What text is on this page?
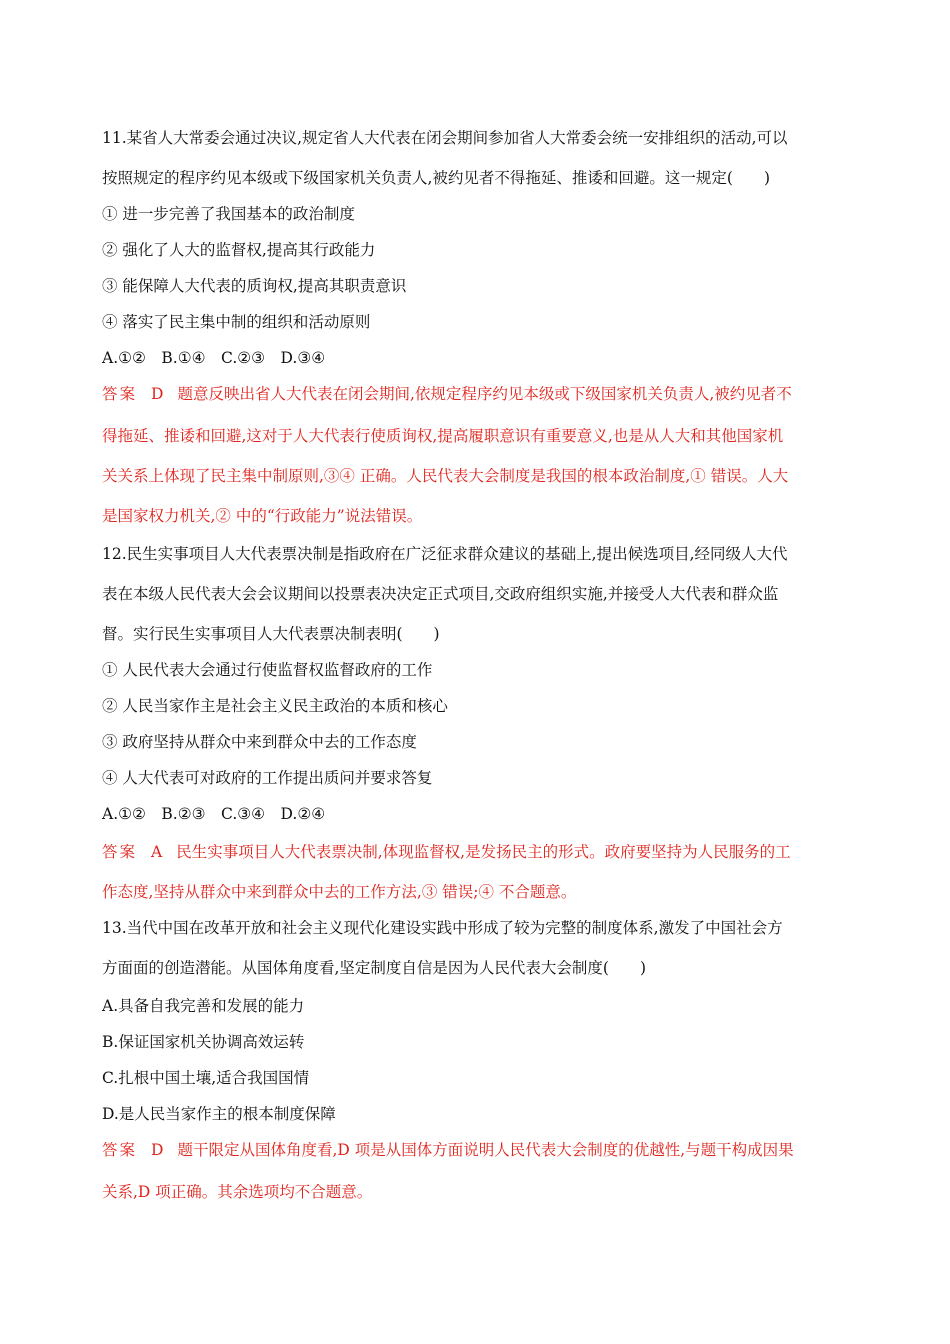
11.某省人大常委会通过决议,规定省人大代表在闭会期间参加省人大常委会统一安排组织的活动,可以
按照规定的程序约见本级或下级国家机关负责人,被约见者不得拖延、推诿和回避。这一规定(　　)
① 进一步完善了我国基本的政治制度
② 强化了人大的监督权,提高其行政能力
③ 能保障人大代表的质询权,提高其职责意识
④ 落实了民主集中制的组织和活动原则
A.①②　B.①④　C.②③　D.③④
答案 D 题意反映出省人大代表在闭会期间,依规定程序约见本级或下级国家机关负责人,被约见者不
得拖延、推诿和回避,这对于人大代表行使质询权,提高履职意识有重要意义,也是从人大和其他国家机
关关系上体现了民主集中制原则,③④ 正确。人民代表大会制度是我国的根本政治制度,① 错误。人大
是国家权力机关,② 中的“行政能力”说法错误。
12.民生实事项目人大代表票决制是指政府在广泛征求群众建议的基础上,提出候选项目,经同级人大代
表在本级人民代表大会会议期间以投票表决决定正式项目,交政府组织实施,并接受人大代表和群众监
督。实行民生实事项目人大代表票决制表明(　　)
① 人民代表大会通过行使监督权监督政府的工作
② 人民当家作主是社会主义民主政治的本质和核心
③ 政府坚持从群众中来到群众中去的工作态度
④ 人大代表可对政府的工作提出质问并要求答复
A.①②　B.②③　C.③④　D.②④
答案 A 民生实事项目人大代表票决制,体现监督权,是发扬民主的形式。政府要坚持为人民服务的工
作态度,坚持从群众中来到群众中去的工作方法,③ 错误;④ 不合题意。
13.当代中国在改革开放和社会主义现代化建设实践中形成了较为完整的制度体系,激发了中国社会方
方面面的创造潜能。从国体角度看,坚定制度自信是因为人民代表大会制度(　　)
A.具备自我完善和发展的能力
B.保证国家机关协调高效运转
C.扎根中国土壤,适合我国国情
D.是人民当家作主的根本制度保障
答案 D 题干限定从国体角度看,D 项是从国体方面说明人民代表大会制度的优越性,与题干构成因果
关系,D 项正确。其余选项均不合题意。
